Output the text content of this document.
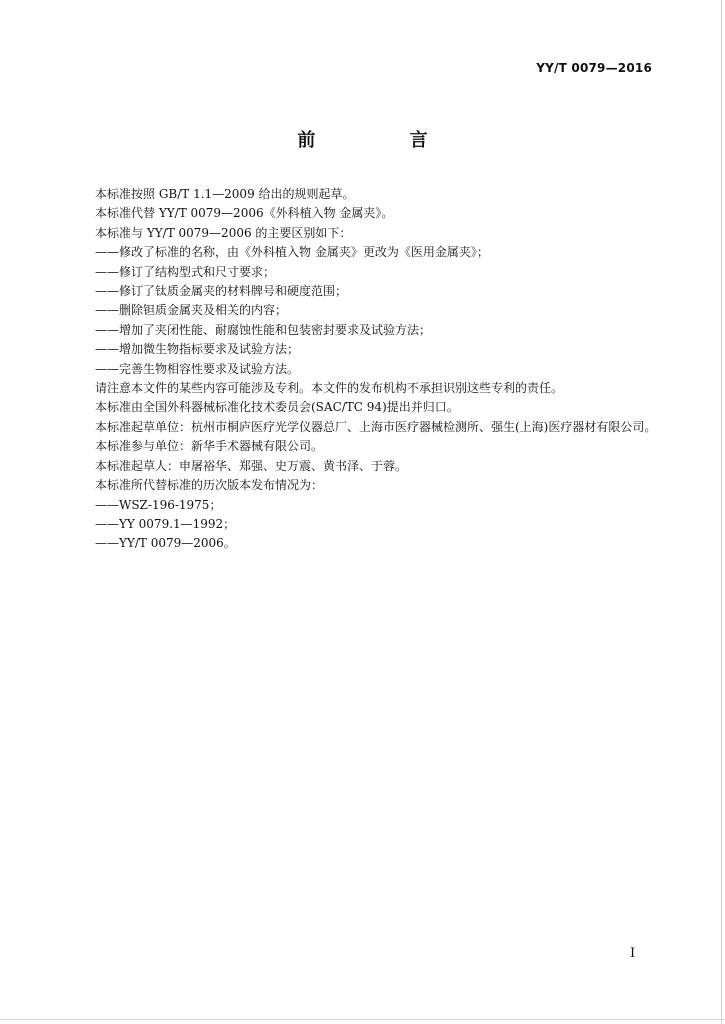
YY/T 0079—2016
前 言

本标准按照 GB/T 1.1—2009 给出的规则起草。

本标准代替 YY/T 0079—2006《外科植入物 金属夹》。

本标准与 YY/T 0079—2006 的主要区别如下：

——修改了标准的名称，由《外科植入物 金属夹》更改为《医用金属夹》；

——修订了结构型式和尺寸要求；

——修订了钛质金属夹的材料牌号和硬度范围；

——删除钽质金属夹及相关的内容；

——增加了夹闭性能、耐腐蚀性能和包装密封要求及试验方法；

——增加微生物指标要求及试验方法；

——完善生物相容性要求及试验方法。

请注意本文件的某些内容可能涉及专利。本文件的发布机构不承担识别这些专利的责任。

本标准由全国外科器械标准化技术委员会(SAC/TC 94)提出并归口。

本标准起草单位：杭州市桐庐医疗光学仪器总厂、上海市医疗器械检测所、强生(上海)医疗器材有限公司。

本标准参与单位：新华手术器械有限公司。

本标准起草人：申屠裕华、郑强、史万震、黄书泽、于蓉。

本标准所代替标准的历次版本发布情况为：

——WSZ-196-1975；

——YY 0079.1—1992；

——YY/T 0079—2006。

I
